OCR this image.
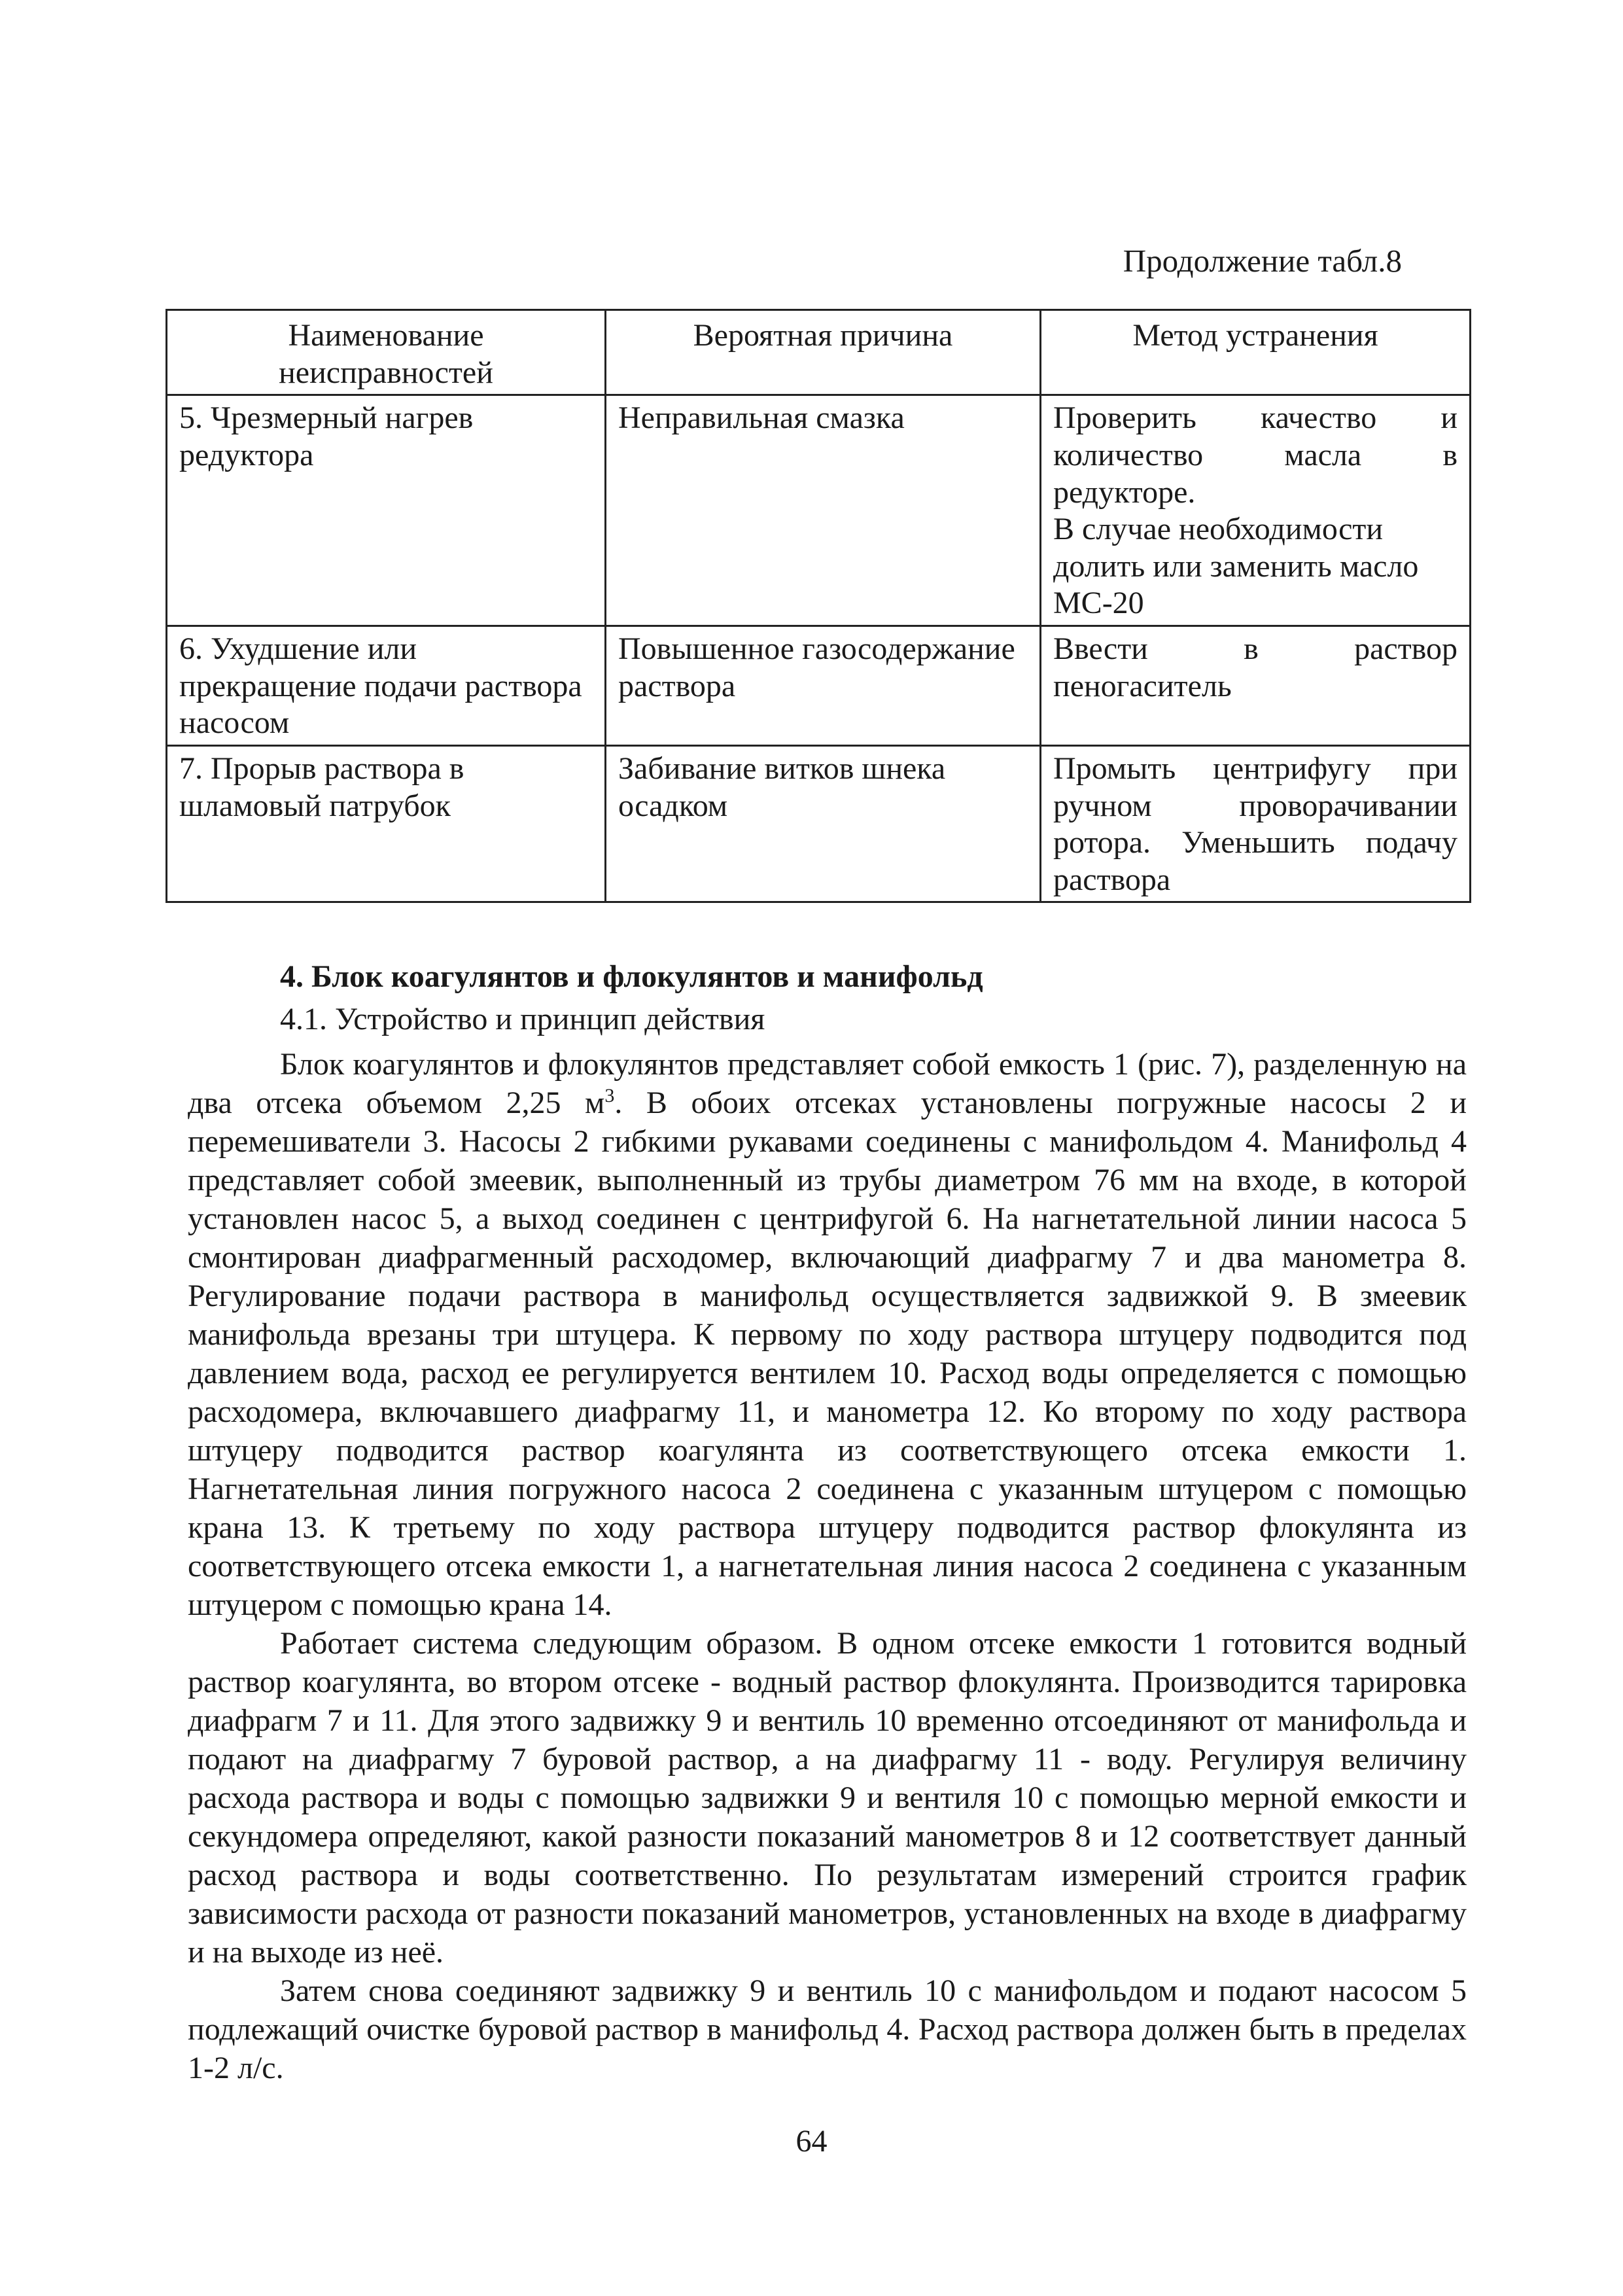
Продолжение табл.8
Наименование неисправностей	Вероятная причина	Метод устранения
5. Чрезмерный нагрев редуктора	Неправильная смазка	Проверить качество и количество масла в редукторе.
В случае необходимости долить или заменить масло МС-20

6. Ухудшение или прекращение подачи раствора насосом	Повышенное газосодержание раствора	Ввести в раствор пеногаситель

7. Прорыв раствора в шламовый патрубок	Забивание витков шнека осадком	Промыть центрифугу при ручном проворачивании ротора. Уменьшить подачу раствора
4. Блок коагулянтов и флокулянтов и манифольд
4.1. Устройство и принцип действия

Блок коагулянтов и флокулянтов представляет собой емкость 1 (рис. 7), разделенную на два отсека объемом 2,25 $м^3$. В обоих отсеках установлены погружные насосы 2 и перемешиватели 3. Насосы 2 гибкими рукавами соединены с манифольдом 4. Манифольд 4 представляет собой змеевик, выполненный из трубы диаметром 76 мм на входе, в которой установлен насос 5, а выход соединен с центрифугой 6. На нагнетательной линии насоса 5 смонтирован диафрагменный расходомер, включающий диафрагму 7 и два манометра 8. Регулирование подачи раствора в манифольд осуществляется задвижкой 9. В змеевик манифольда врезаны три штуцера. К первому по ходу раствора штуцеру подводится под давлением вода, расход ее регулируется вентилем 10. Расход воды определяется с помощью расходомера, включавшего диафрагму 11, и манометра 12. Ко второму по ходу раствора штуцеру подводится раствор коагулянта из соответствующего отсека емкости 1. Нагнетательная линия погружного насоса 2 соединена с указанным штуцером с помощью крана 13. К третьему по ходу раствора штуцеру подводится раствор флокулянта из соответствующего отсека емкости 1, а нагнетательная линия насоса 2 соединена с указанным штуцером с помощью крана 14.

Работает система следующим образом. В одном отсеке емкости 1 готовится водный раствор коагулянта, во втором отсеке - водный раствор флокулянта. Производится тарировка диафрагм 7 и 11. Для этого задвижку 9 и вентиль 10 временно отсоединяют от манифольда и подают на диафрагму 7 буровой раствор, а на диафрагму 11 - воду. Регулируя величину расхода раствора и воды с помощью задвижки 9 и вентиля 10 с помощью мерной емкости и секундомера определяют, какой разности показаний манометров 8 и 12 соответствует данный расход раствора и воды соответственно. По результатам измерений строится график зависимости расхода от разности показаний манометров, установленных на входе в диафрагму и на выходе из неё.

Затем снова соединяют задвижку 9 и вентиль 10 с манифольдом и подают насосом 5 подлежащий очистке буровой раствор в манифольд 4. Расход раствора должен быть в пределах 1-2 л/с.

64
